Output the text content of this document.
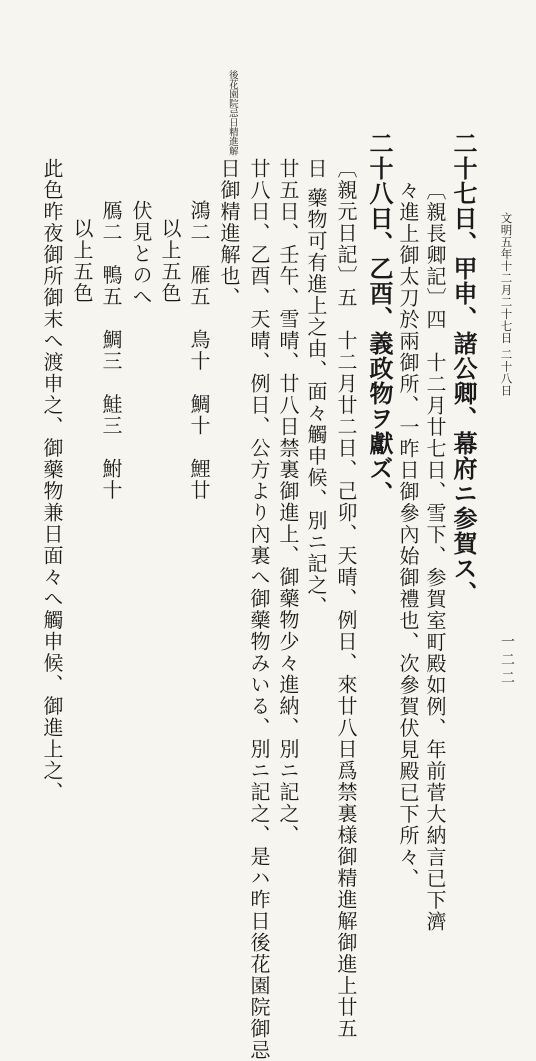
文明五年十二月二十七日 二十八日
一二二
後花園院忌日精進解
二十七日、甲申、諸公卿、幕府ニ参賀ス、
〔親長卿記〕四　十二月廿七日、雪下、参賀室町殿如例、年前菅大納言已下濟
々進上御太刀於兩御所、一昨日御參內始御禮也、次參賀伏見殿已下所々、
二十八日、乙酉、義政物ヲ獻ズ、
〔親元日記〕五　十二月廿二日、己卯、天晴、例日、來廿八日爲禁裏様御精進解御進上廿五
日 藥物可有進上之由、面々觸申候、別ニ記之、
廿五日、壬午、雪晴、廿八日禁裏御進上、御藥物少々進納、別ニ記之、
廿八日、乙酉、天晴、例日、公方より內裏へ御藥物みいる、別ニ記之、是ハ昨日後花園院御忌
日御精進解也、
鴻二　雁五　鳥十　鯛十　鯉廿
以上五色
伏見とのへ
鴈二　鴨五　鯛三　鮭三　鮒十
以上五色
此色昨夜御所御末へ渡申之、御藥物兼日面々へ觸申候、御進上之、
